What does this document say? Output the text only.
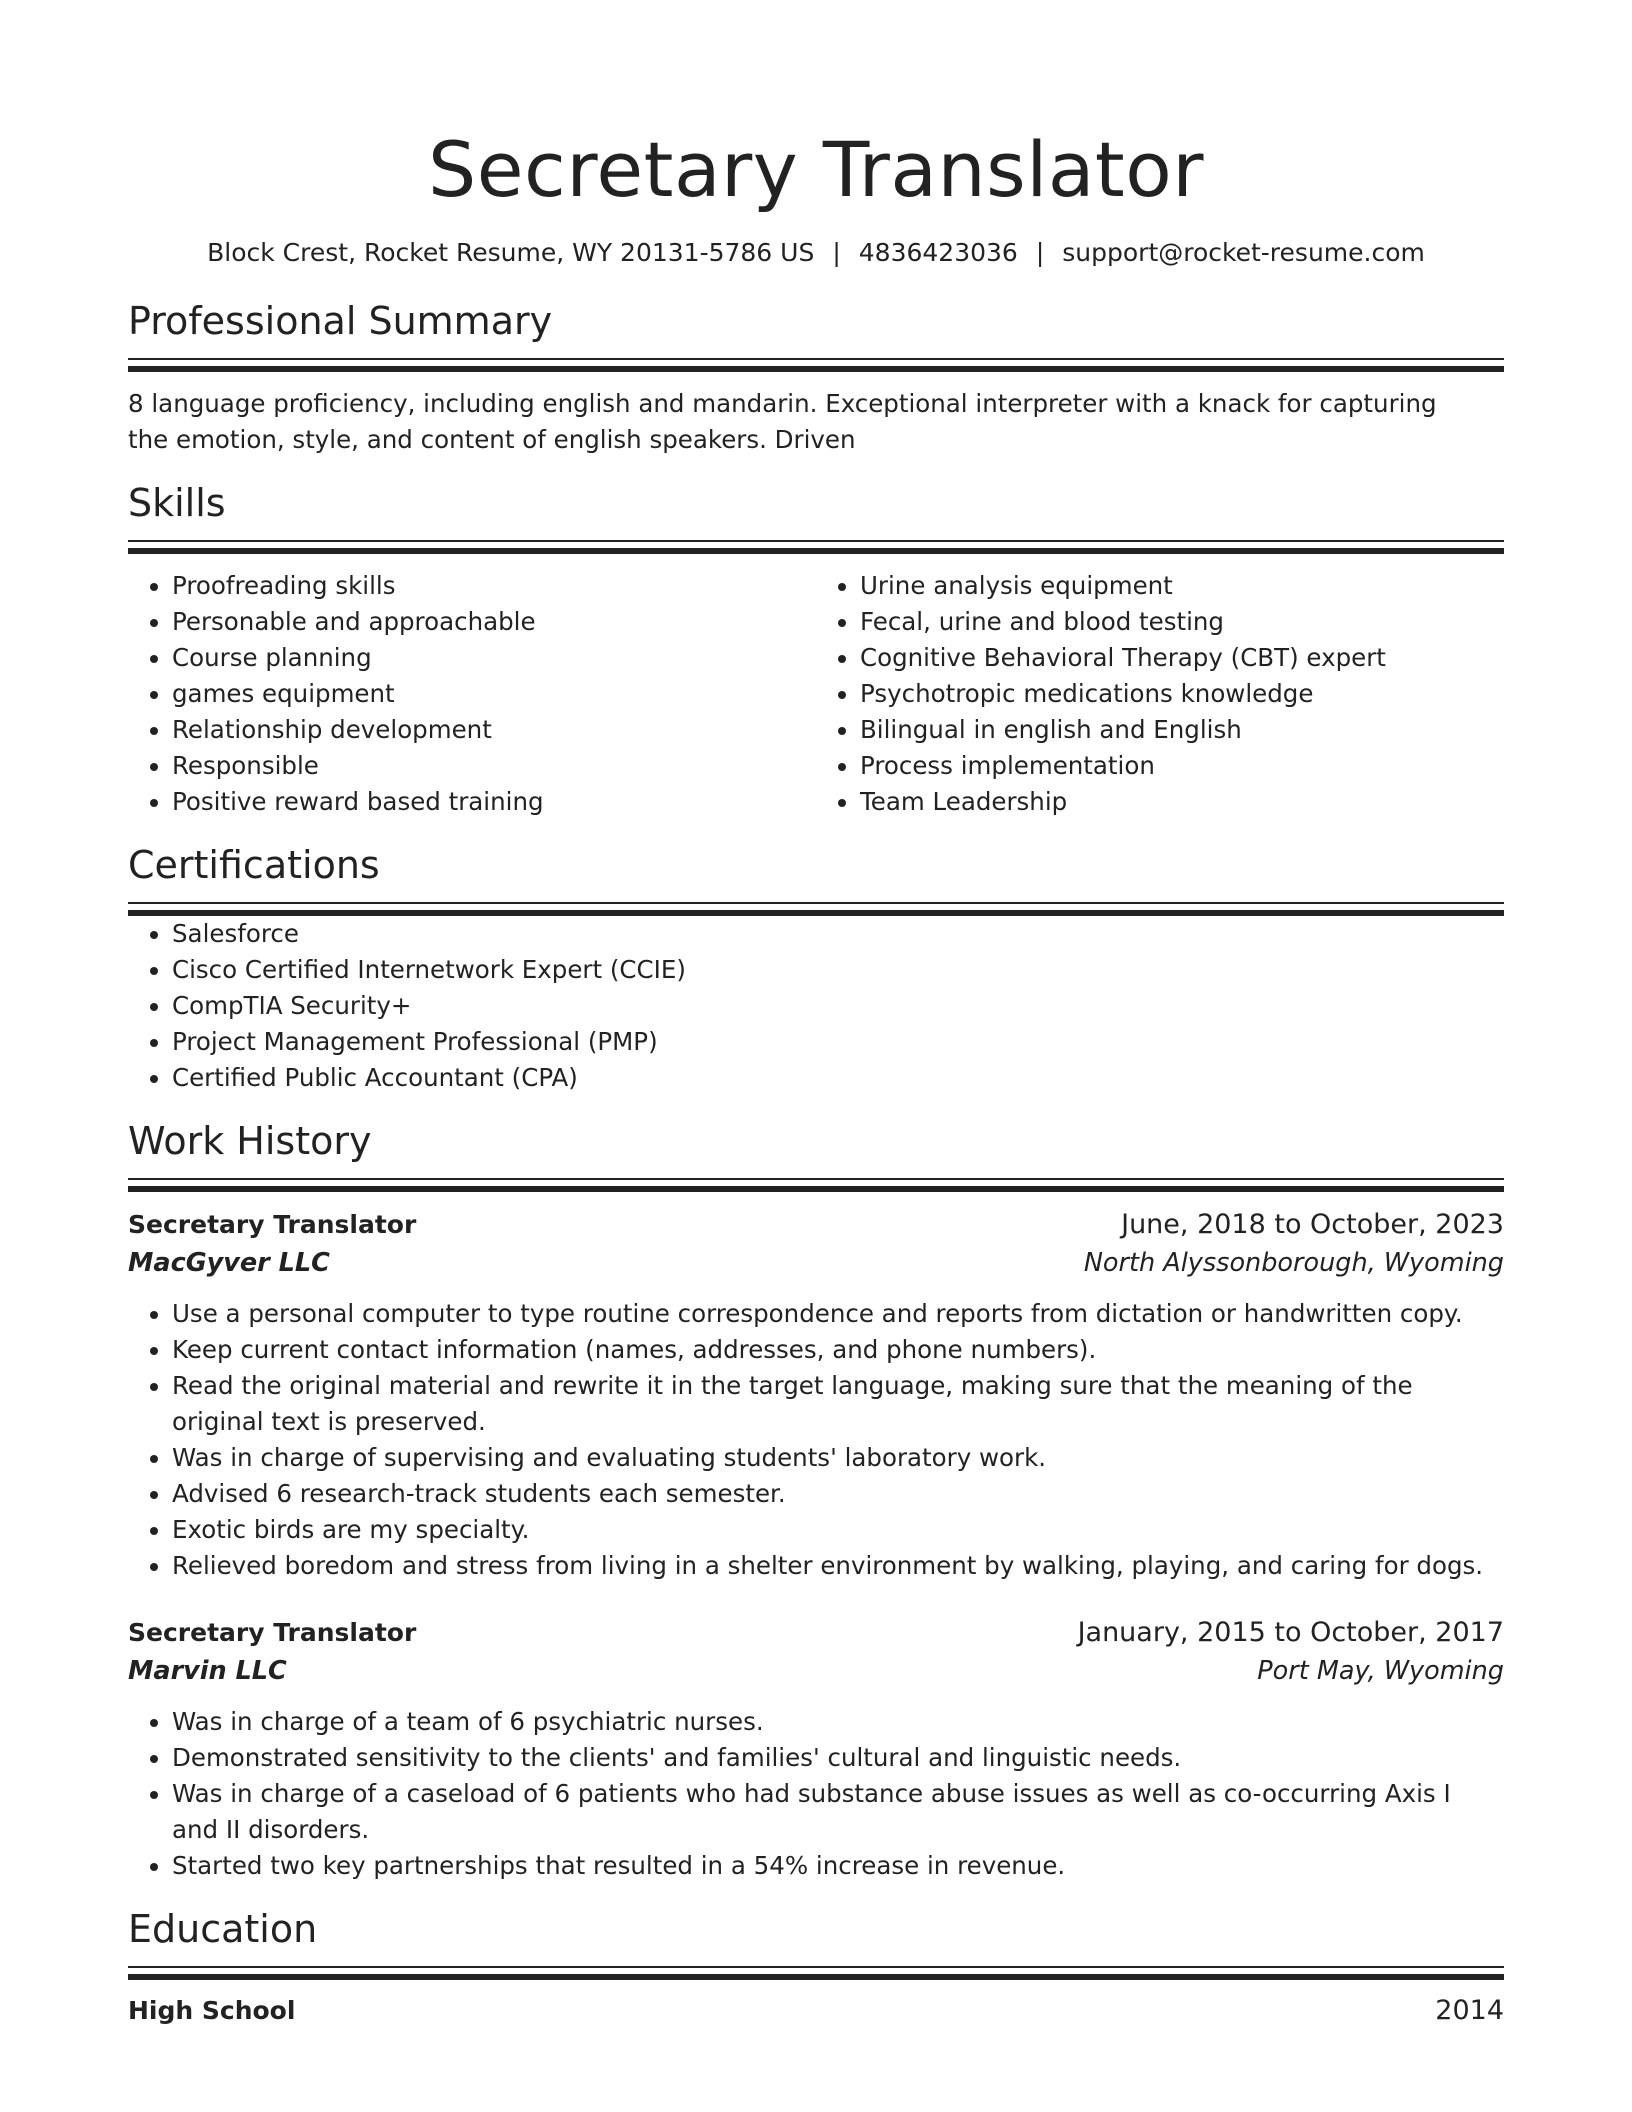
Secretary Translator
Block Crest, Rocket Resume, WY 20131-5786 US | 4836423036 | support@rocket-resume.com
Professional Summary
8 language proficiency, including english and mandarin. Exceptional interpreter with a knack for capturing the emotion, style, and content of english speakers. Driven
Skills
• Proofreading skills
• Personable and approachable
• Course planning
• games equipment
• Relationship development
• Responsible
• Positive reward based training
• Urine analysis equipment
• Fecal, urine and blood testing
• Cognitive Behavioral Therapy (CBT) expert
• Psychotropic medications knowledge
• Bilingual in english and English
• Process implementation
• Team Leadership
Certifications
• Salesforce
• Cisco Certified Internetwork Expert (CCIE)
• CompTIA Security+
• Project Management Professional (PMP)
• Certified Public Accountant (CPA)
Work History
Secretary Translator	June, 2018 to October, 2023
MacGyver LLC	North Alyssonborough, Wyoming
• Use a personal computer to type routine correspondence and reports from dictation or handwritten copy.
• Keep current contact information (names, addresses, and phone numbers).
• Read the original material and rewrite it in the target language, making sure that the meaning of the original text is preserved.
• Was in charge of supervising and evaluating students' laboratory work.
• Advised 6 research-track students each semester.
• Exotic birds are my specialty.
• Relieved boredom and stress from living in a shelter environment by walking, playing, and caring for dogs.
Secretary Translator	January, 2015 to October, 2017
Marvin LLC	Port May, Wyoming
• Was in charge of a team of 6 psychiatric nurses.
• Demonstrated sensitivity to the clients' and families' cultural and linguistic needs.
• Was in charge of a caseload of 6 patients who had substance abuse issues as well as co-occurring Axis I and II disorders.
• Started two key partnerships that resulted in a 54% increase in revenue.
Education
High School	2014
